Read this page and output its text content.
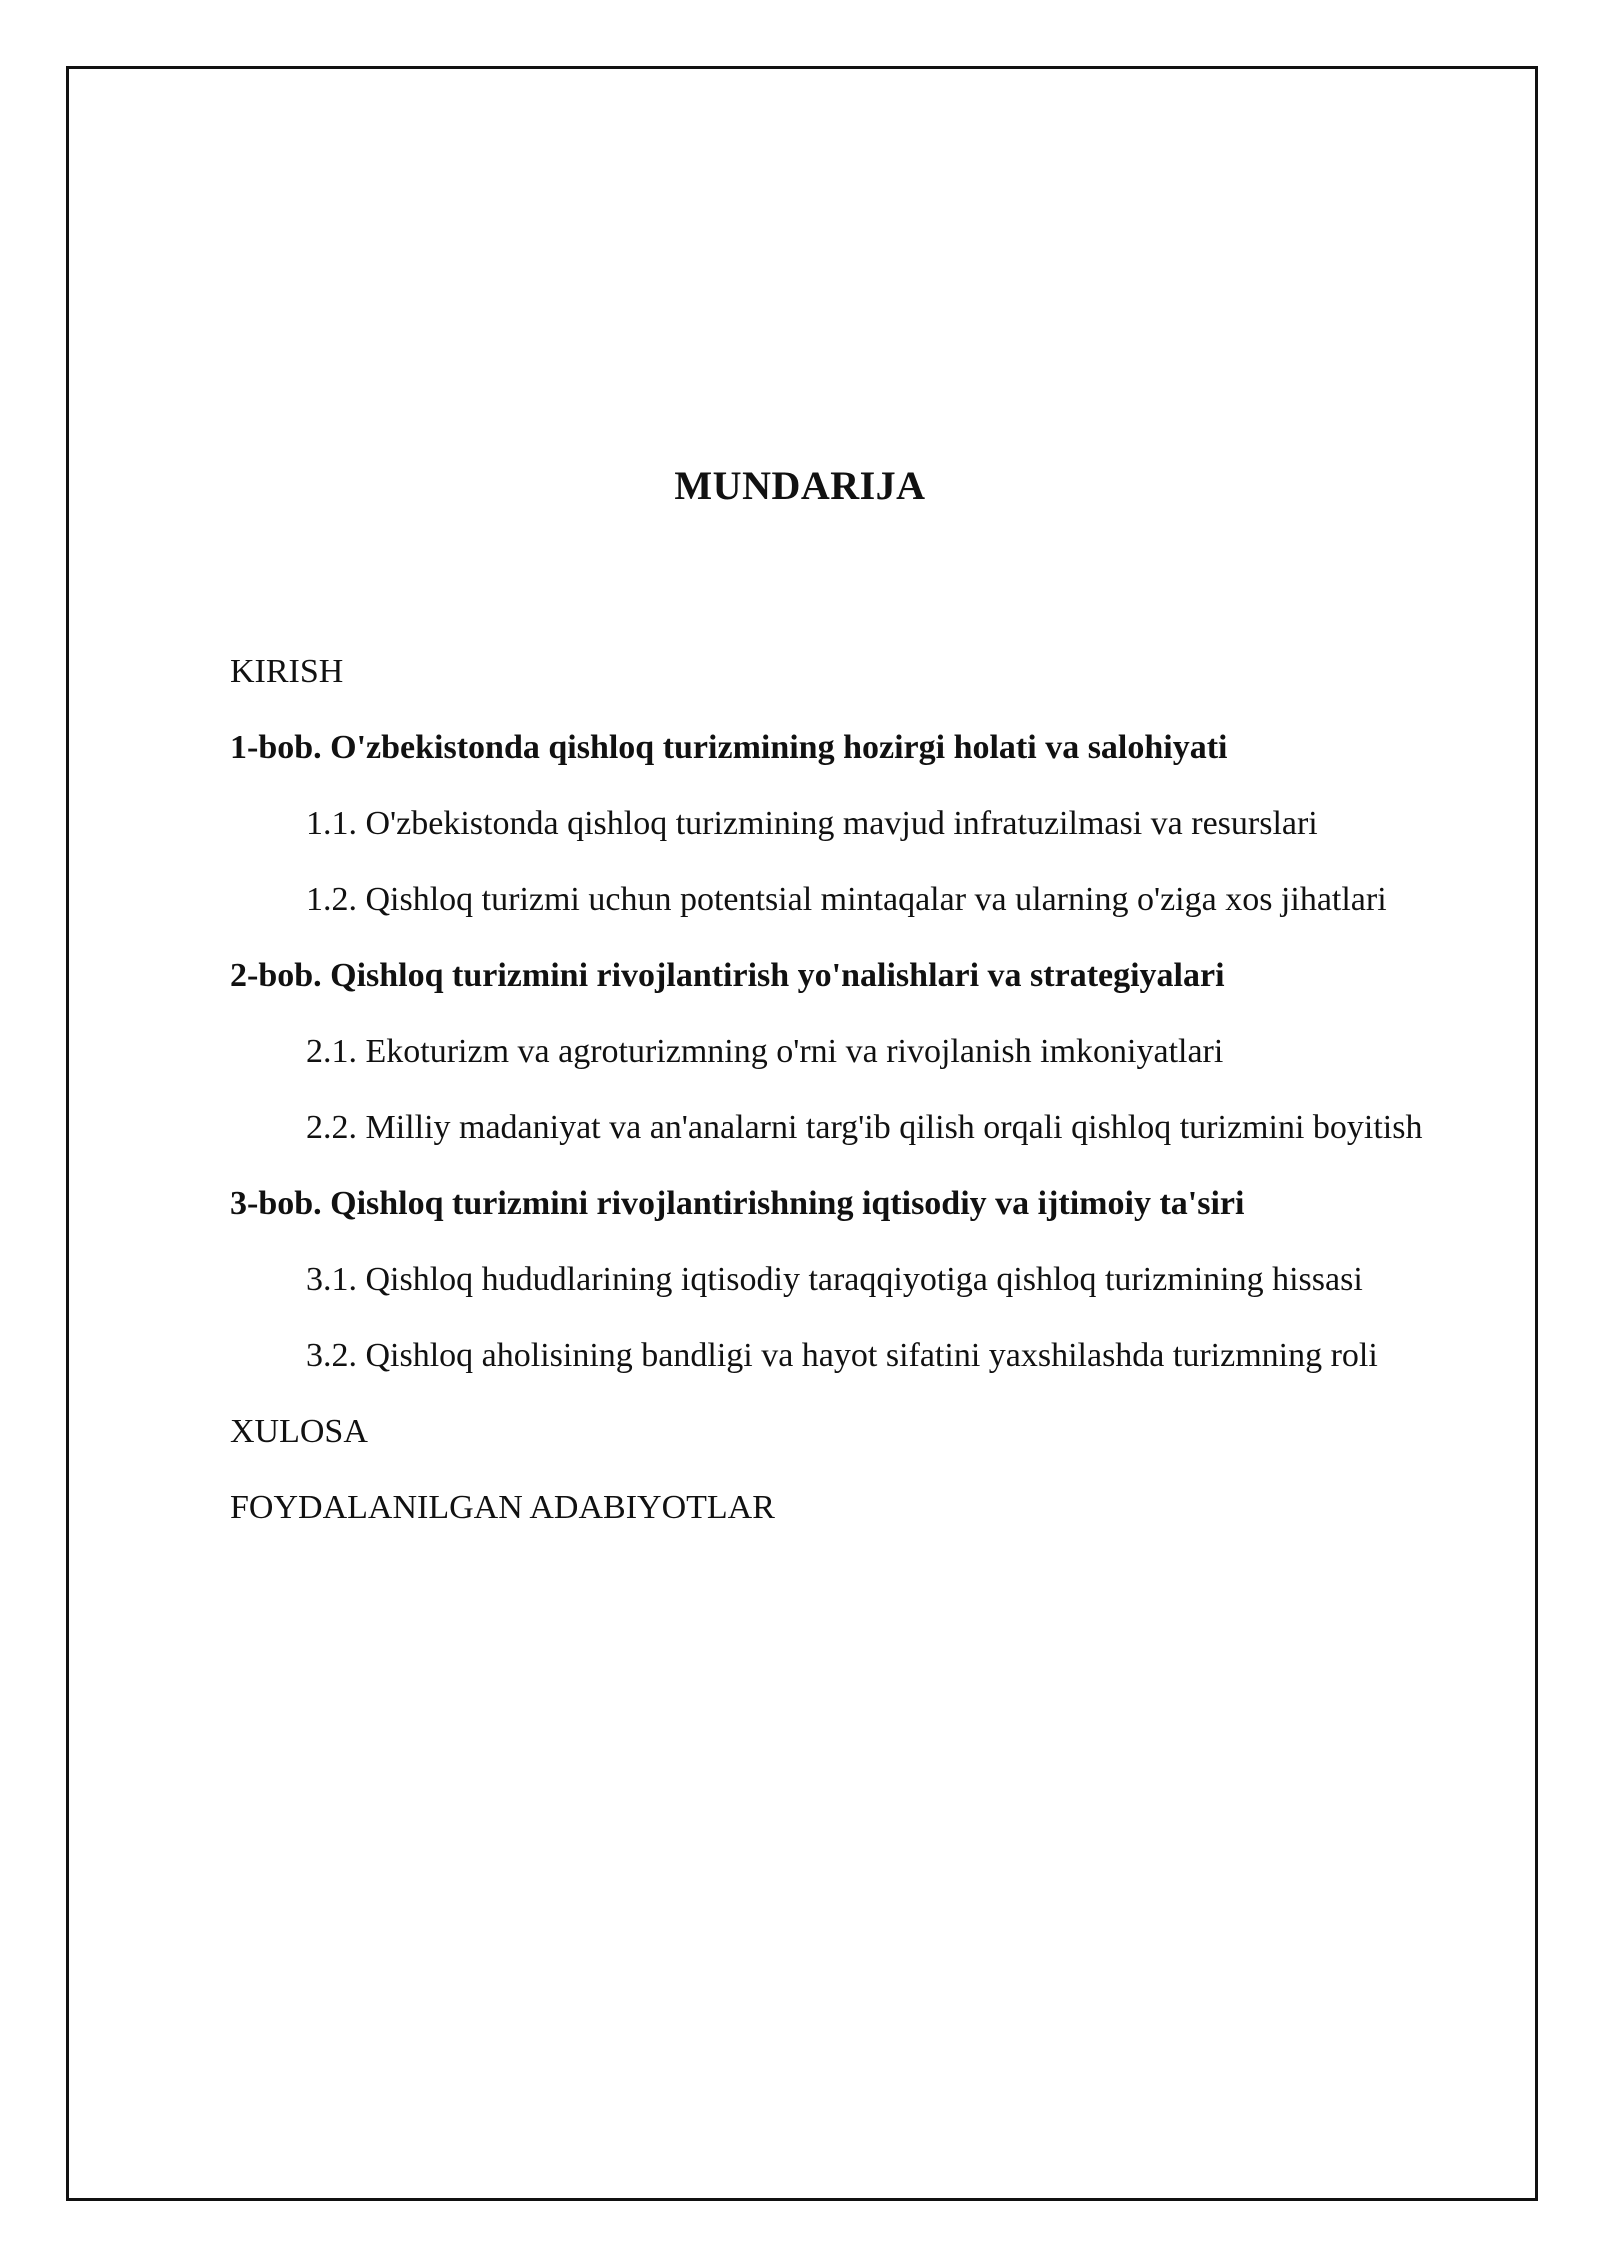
MUNDARIJA
KIRISH
1-bob. O'zbekistonda qishloq turizmining hozirgi holati va salohiyati
1.1. O'zbekistonda qishloq turizmining mavjud infratuzilmasi va resurslari
1.2. Qishloq turizmi uchun potentsial mintaqalar va ularning o'ziga xos jihatlari
2-bob. Qishloq turizmini rivojlantirish yo'nalishlari va strategiyalari
2.1. Ekoturizm va agroturizmning o'rni va rivojlanish imkoniyatlari
2.2. Milliy madaniyat va an'analarni targ'ib qilish orqali qishloq turizmini boyitish
3-bob. Qishloq turizmini rivojlantirishning iqtisodiy va ijtimoiy ta'siri
3.1. Qishloq hududlarining iqtisodiy taraqqiyotiga qishloq turizmining hissasi
3.2. Qishloq aholisining bandligi va hayot sifatini yaxshilashda turizmning roli
XULOSA
FOYDALANILGAN ADABIYOTLAR
